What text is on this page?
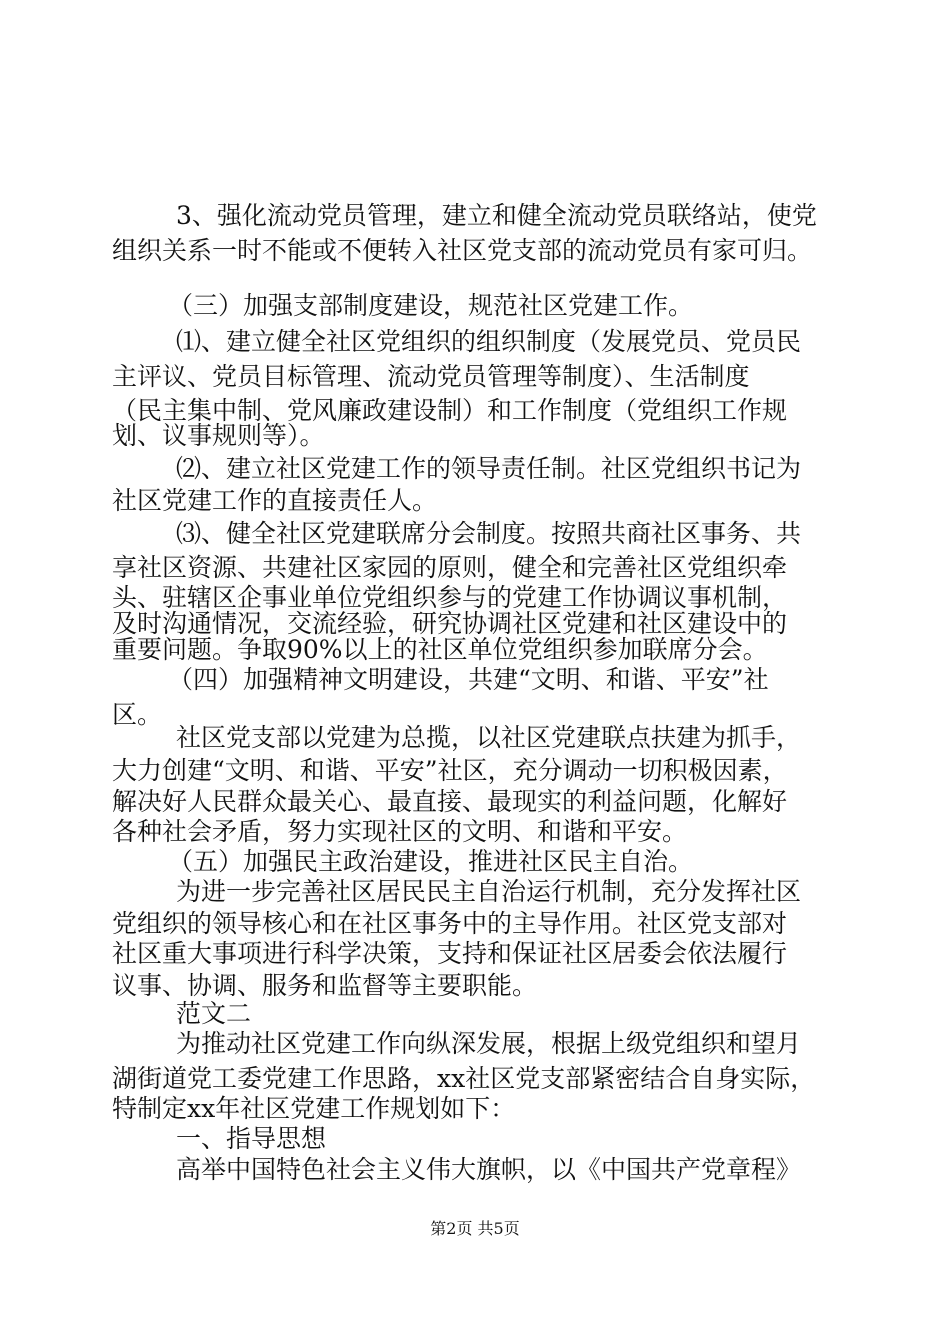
3、强化流动党员管理，建立和健全流动党员联络站，使党
组织关系一时不能或不便转入社区党支部的流动党员有家可归。
（三）加强支部制度建设，规范社区党建工作。
⑴、建立健全社区党组织的组织制度（发展党员、党员民
主评议、党员目标管理、流动党员管理等制度）、生活制度
（民主集中制、党风廉政建设制）和工作制度（党组织工作规
划、议事规则等）。
⑵、建立社区党建工作的领导责任制。社区党组织书记为
社区党建工作的直接责任人。
⑶、健全社区党建联席分会制度。按照共商社区事务、共
享社区资源、共建社区家园的原则，健全和完善社区党组织牵
头、驻辖区企事业单位党组织参与的党建工作协调议事机制，
及时沟通情况，交流经验，研究协调社区党建和社区建设中的
重要问题。争取90%以上的社区单位党组织参加联席分会。
（四）加强精神文明建设，共建“文明、和谐、平安”社
区。
社区党支部以党建为总揽，以社区党建联点扶建为抓手，
大力创建“文明、和谐、平安”社区，充分调动一切积极因素，
解决好人民群众最关心、最直接、最现实的利益问题，化解好
各种社会矛盾，努力实现社区的文明、和谐和平安。
（五）加强民主政治建设，推进社区民主自治。
为进一步完善社区居民民主自治运行机制，充分发挥社区
党组织的领导核心和在社区事务中的主导作用。社区党支部对
社区重大事项进行科学决策，支持和保证社区居委会依法履行
议事、协调、服务和监督等主要职能。
范文二
为推动社区党建工作向纵深发展，根据上级党组织和望月
湖街道党工委党建工作思路，xx社区党支部紧密结合自身实际，
特制定xx年社区党建工作规划如下：
一、指导思想
高举中国特色社会主义伟大旗帜，以《中国共产党章程》
第2页 共5页
